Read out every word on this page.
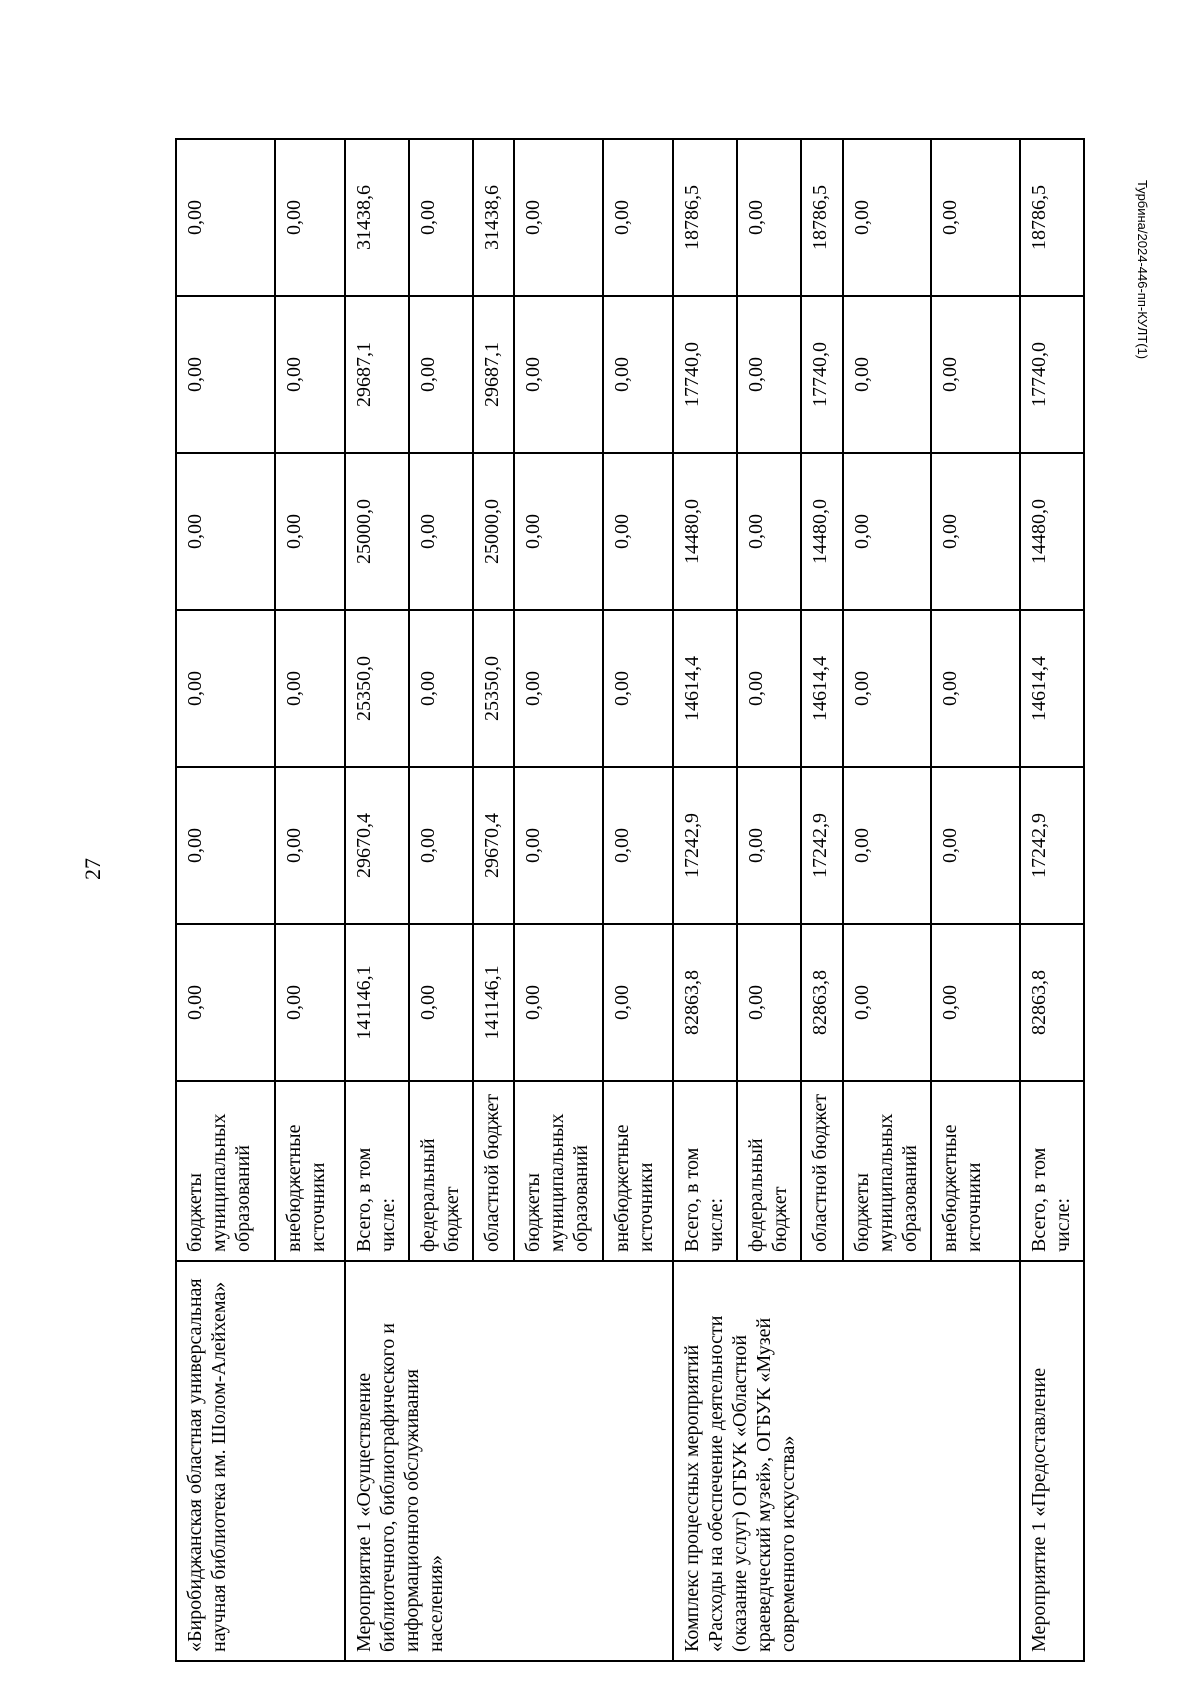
27
Турбина/2024-446-пп-КУЛТ(1)
«Биробиджанская областная универсальная научная библиотека им. Шолом-Алейхема»	бюджеты муниципальных образований	0,00	0,00	0,00	0,00	0,00	0,00
	внебюджетные источники	0,00	0,00	0,00	0,00	0,00	0,00
Мероприятие 1 «Осуществление библиотечного, библиографического и информационного обслуживания населения»	Всего, в том числе:	141146,1	29670,4	25350,0	25000,0	29687,1	31438,6
	федеральный бюджет	0,00	0,00	0,00	0,00	0,00	0,00
	областной бюджет	141146,1	29670,4	25350,0	25000,0	29687,1	31438,6
	бюджеты муниципальных образований	0,00	0,00	0,00	0,00	0,00	0,00
	внебюджетные источники	0,00	0,00	0,00	0,00	0,00	0,00
Комплекс процессных мероприятий «Расходы на обеспечение деятельности (оказание услуг) ОГБУК «Областной краеведческий музей», ОГБУК «Музей современного искусства»	Всего, в том числе:	82863,8	17242,9	14614,4	14480,0	17740,0	18786,5
	федеральный бюджет	0,00	0,00	0,00	0,00	0,00	0,00
	областной бюджет	82863,8	17242,9	14614,4	14480,0	17740,0	18786,5
	бюджеты муниципальных образований	0,00	0,00	0,00	0,00	0,00	0,00
	внебюджетные источники	0,00	0,00	0,00	0,00	0,00	0,00
Мероприятие 1 «Предоставление	Всего, в том числе:	82863,8	17242,9	14614,4	14480,0	17740,0	18786,5
